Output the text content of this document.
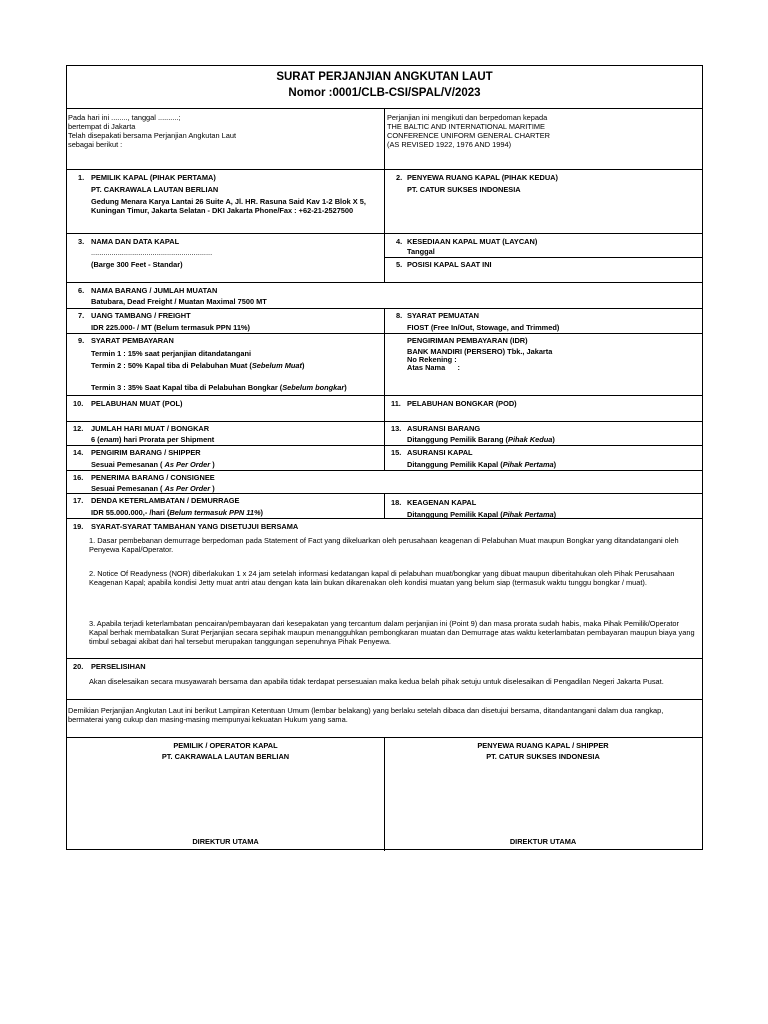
SURAT PERJANJIAN ANGKUTAN LAUT
Nomor :0001/CLB-CSI/SPAL/V/2023
Pada hari ini ........, tanggal ..........;
bertempat di Jakarta
Telah disepakati bersama Perjanjian Angkutan Laut
sebagai berikut :
Perjanjian ini mengikuti dan berpedoman kepada
THE BALTIC AND INTERNATIONAL MARITIME
CONFERENCE UNIFORM GENERAL CHARTER
(AS REVISED 1922, 1976 AND 1994)
1. PEMILIK KAPAL (PIHAK PERTAMA)
PT. CAKRAWALA LAUTAN BERLIAN
Gedung Menara Karya Lantai 26 Suite A, Jl. HR. Rasuna Said Kav 1-2 Blok X 5, Kuningan Timur, Jakarta Selatan - DKI Jakarta Phone/Fax : +62-21-2527500
2. PENYEWA RUANG KAPAL (PIHAK KEDUA)
PT. CATUR SUKSES INDONESIA
3. NAMA DAN DATA KAPAL
...........................................................
(Barge 300 Feet - Standar)
4. KESEDIAAN KAPAL MUAT (LAYCAN)
Tanggal
5. POSISI KAPAL SAAT INI
6. NAMA BARANG / JUMLAH MUATAN
Batubara, Dead Freight / Muatan Maximal 7500 MT
7. UANG TAMBANG / FREIGHT
IDR 225.000- / MT (Belum termasuk PPN 11%)
8. SYARAT PEMUATAN
FIOST (Free In/Out, Stowage, and Trimmed)
9. SYARAT PEMBAYARAN
Termin 1 : 15% saat perjanjian ditandatangani
Termin 2 : 50% Kapal tiba di Pelabuhan Muat (Sebelum Muat)
Termin 3 : 35% Saat Kapal tiba di Pelabuhan Bongkar (Sebelum bongkar)
PENGIRIMAN PEMBAYARAN (IDR)
BANK MANDIRI (PERSERO) Tbk., Jakarta
No Rekening :
Atas Nama      :
10. PELABUHAN MUAT (POL)	11. PELABUHAN BONGKAR (POD)
12. JUMLAH HARI MUAT / BONGKAR
6 (enam) hari Prorata per Shipment
13. ASURANSI BARANG
Ditanggung Pemilik Barang (Pihak Kedua)
14. PENGIRIM BARANG / SHIPPER
Sesuai Pemesanan ( As Per Order )
15. ASURANSI KAPAL
Ditanggung Pemilik Kapal (Pihak Pertama)
16. PENERIMA BARANG / CONSIGNEE
Sesuai Pemesanan ( As Per Order )
17. DENDA KETERLAMBATAN / DEMURRAGE
IDR 55.000.000,- /hari (Belum termasuk PPN 11%)
18. KEAGENAN KAPAL
Ditanggung Pemilik Kapal (Pihak Pertama)
19. SYARAT-SYARAT TAMBAHAN YANG DISETUJUI BERSAMA
1. Dasar pembebanan demurrage berpedoman pada Statement of Fact yang dikeluarkan oleh perusahaan keagenan di Pelabuhan Muat maupun Bongkar yang ditandatangani oleh Penyewa Kapal/Operator.
2. Notice Of Readyness (NOR) diberlakukan 1 x 24 jam setelah informasi kedatangan kapal di pelabuhan muat/bongkar yang dibuat maupun diberitahukan oleh Pihak Perusahaan Keagenan Kapal; apabila kondisi Jetty muat antri atau dengan kata lain bukan dikarenakan oleh kondisi muatan yang belum siap (termasuk waktu tunggu bongkar / muat).
3. Apabila terjadi keterlambatan pencairan/pembayaran dari kesepakatan yang tercantum dalam perjanjian ini (Point 9) dan masa prorata sudah habis, maka Pihak Pemilik/Operator Kapal berhak membatalkan Surat Perjanjian secara sepihak maupun menangguhkan pembongkaran muatan dan Demurrage atas waktu keterlambatan pembayaran maupun biaya yang timbul sebagai akibat dari hal tersebut merupakan tanggungan sepenuhnya Pihak Penyewa.
20. PERSELISIHAN
Akan diselesaikan secara musyawarah bersama dan apabila tidak terdapat persesuaian maka kedua belah pihak setuju untuk diselesaikan di Pengadilan Negeri Jakarta Pusat.
Demikian Perjanjian Angkutan Laut ini berikut Lampiran Ketentuan Umum (lembar belakang) yang berlaku setelah dibaca dan disetujui bersama, ditandantangani dalam dua rangkap, bermaterai yang cukup dan masing-masing mempunyai kekuatan Hukum yang sama.
PEMILIK / OPERATOR KAPAL
PT. CAKRAWALA LAUTAN BERLIAN
DIREKTUR UTAMA
PENYEWA RUANG KAPAL / SHIPPER
PT. CATUR SUKSES INDONESIA
DIREKTUR UTAMA
